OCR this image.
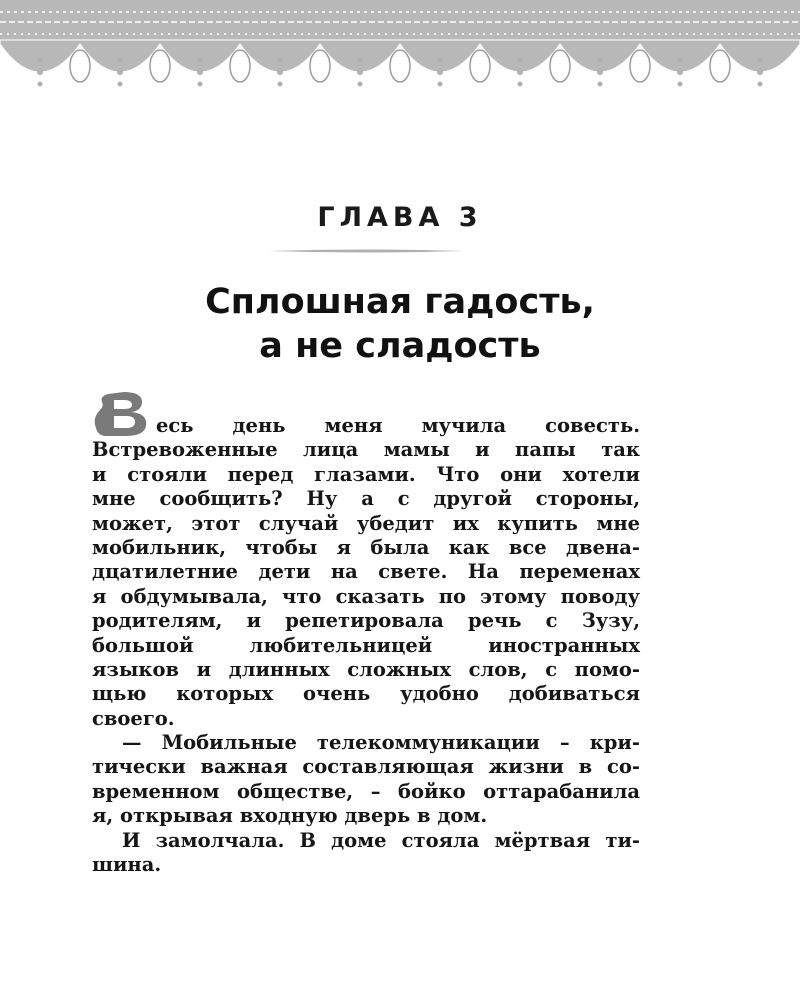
ГЛАВА 3
Сплошная гадость,
а не сладость
есь день меня мучила совесть.
Встревоженные лица мамы и папы так
и стояли перед глазами. Что они хотели
мне сообщить? Ну а с другой стороны,
может, этот случай убедит их купить мне
мобильник, чтобы я была как все двена-
дцатилетние дети на свете. На переменах
я обдумывала, что сказать по этому поводу
родителям, и репетировала речь с Зузу,
большой любительницей иностранных
языков и длинных сложных слов, с помо-
щью которых очень удобно добиваться
своего.
— Мобильные телекоммуникации – кри-
тически важная составляющая жизни в со-
временном обществе, – бойко оттарабанила
я, открывая входную дверь в дом.
И замолчала. В доме стояла мёртвая ти-
шина.
